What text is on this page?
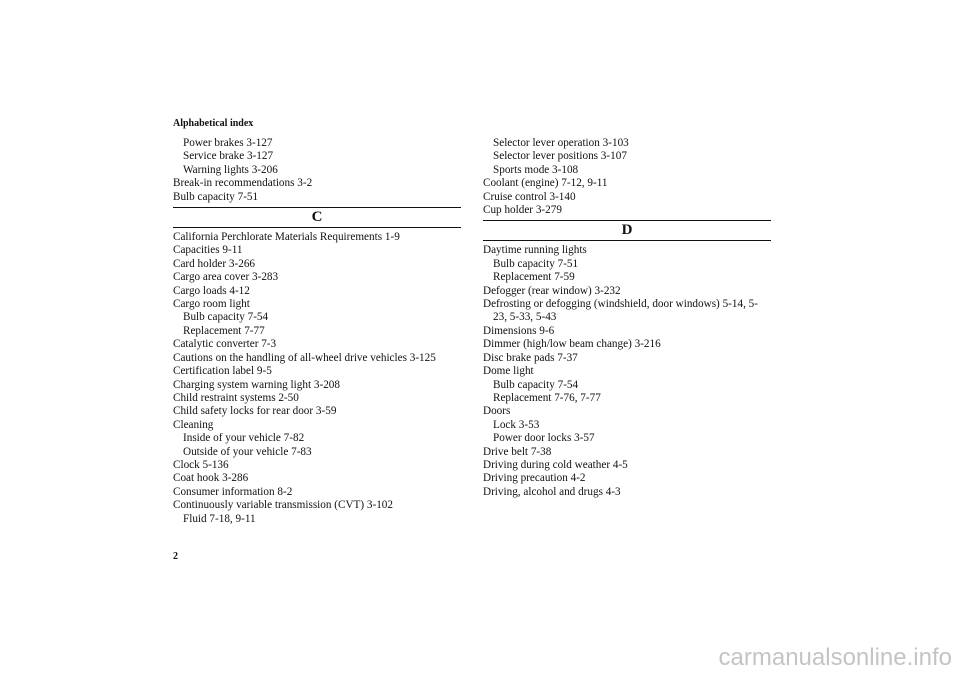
Alphabetical index
Power brakes 3-127
Service brake 3-127
Warning lights 3-206
Break-in recommendations 3-2
Bulb capacity 7-51
C
California Perchlorate Materials Requirements 1-9
Capacities 9-11
Card holder 3-266
Cargo area cover 3-283
Cargo loads 4-12
Cargo room light
Bulb capacity 7-54
Replacement 7-77
Catalytic converter 7-3
Cautions on the handling of all-wheel drive vehicles 3-125
Certification label 9-5
Charging system warning light 3-208
Child restraint systems 2-50
Child safety locks for rear door 3-59
Cleaning
Inside of your vehicle 7-82
Outside of your vehicle 7-83
Clock 5-136
Coat hook 3-286
Consumer information 8-2
Continuously variable transmission (CVT) 3-102
Fluid 7-18, 9-11
Selector lever operation 3-103
Selector lever positions 3-107
Sports mode 3-108
Coolant (engine) 7-12, 9-11
Cruise control 3-140
Cup holder 3-279
D
Daytime running lights
Bulb capacity 7-51
Replacement 7-59
Defogger (rear window) 3-232
Defrosting or defogging (windshield, door windows) 5-14, 5-23, 5-33, 5-43
Dimensions 9-6
Dimmer (high/low beam change) 3-216
Disc brake pads 7-37
Dome light
Bulb capacity 7-54
Replacement 7-76, 7-77
Doors
Lock 3-53
Power door locks 3-57
Drive belt 7-38
Driving during cold weather 4-5
Driving precaution 4-2
Driving, alcohol and drugs 4-3
2
carmanualsonline.info
